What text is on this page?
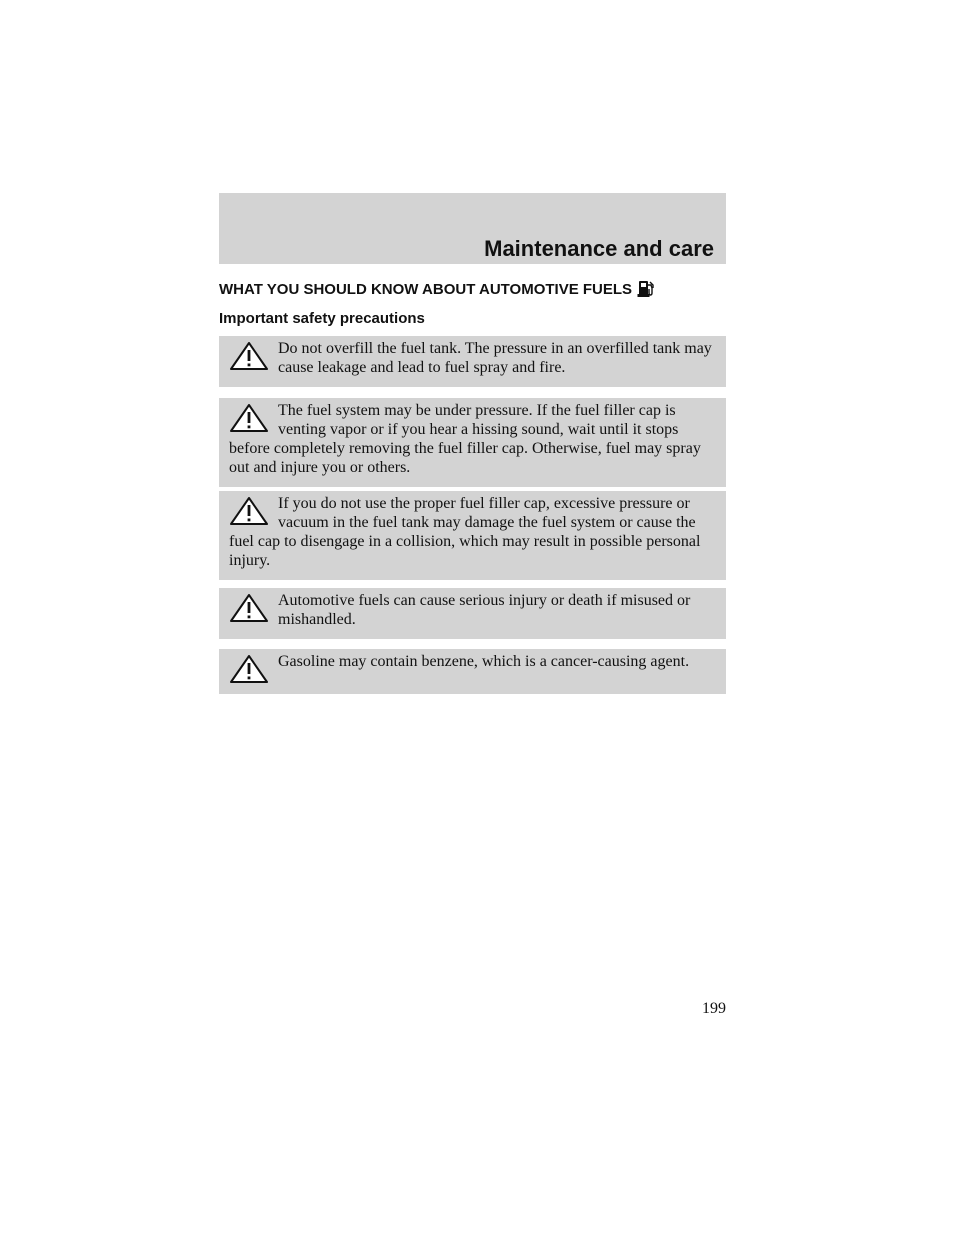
Maintenance and care
WHAT YOU SHOULD KNOW ABOUT AUTOMOTIVE FUELS
Important safety precautions

Do not overfill the fuel tank. The pressure in an overfilled tank may cause leakage and lead to fuel spray and fire.

The fuel system may be under pressure. If the fuel filler cap is venting vapor or if you hear a hissing sound, wait until it stops before completely removing the fuel filler cap. Otherwise, fuel may spray out and injure you or others.

If you do not use the proper fuel filler cap, excessive pressure or vacuum in the fuel tank may damage the fuel system or cause the fuel cap to disengage in a collision, which may result in possible personal injury.

Automotive fuels can cause serious injury or death if misused or mishandled.

Gasoline may contain benzene, which is a cancer-causing agent.

199
